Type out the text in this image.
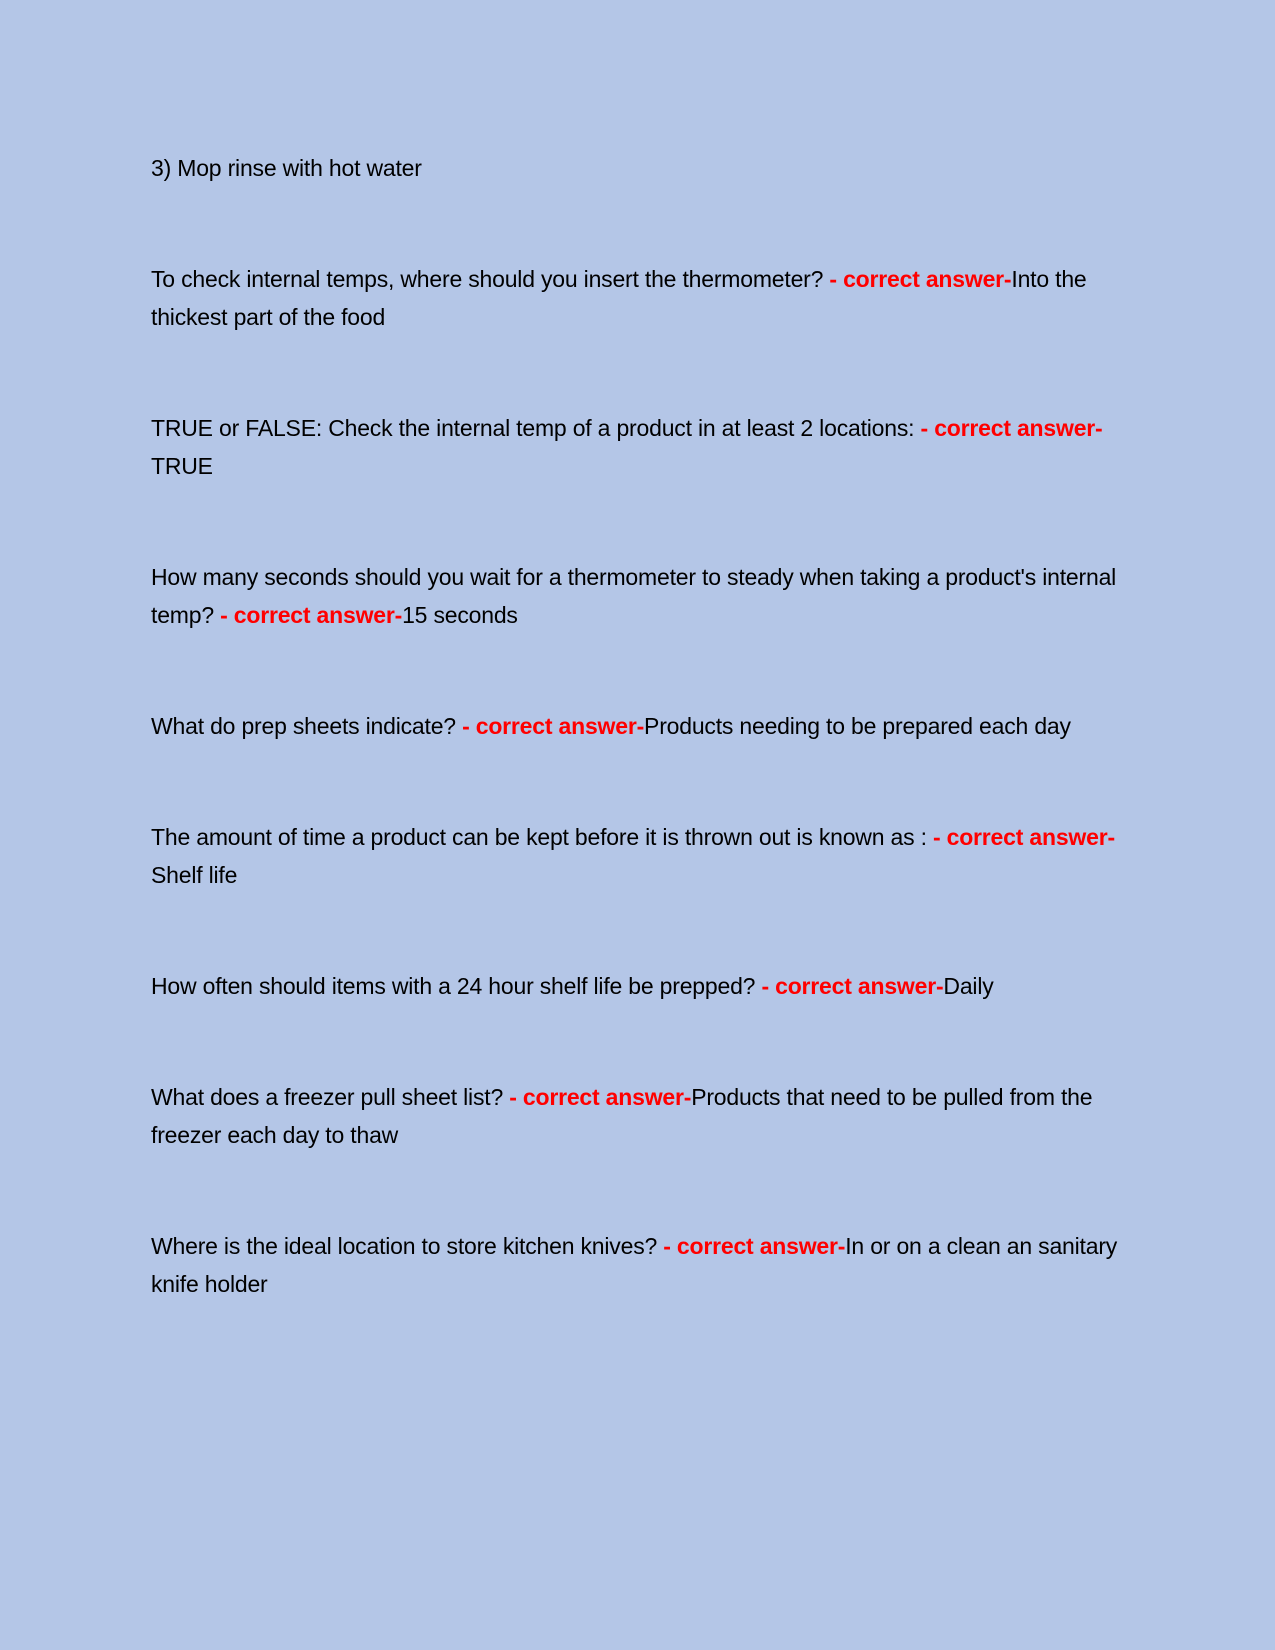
3) Mop rinse with hot water

To check internal temps, where should you insert the thermometer? - correct answer-Into the thickest part of the food

TRUE or FALSE: Check the internal temp of a product in at least 2 locations: - correct answer-TRUE

How many seconds should you wait for a thermometer to steady when taking a product's internal temp? - correct answer-15 seconds

What do prep sheets indicate? - correct answer-Products needing to be prepared each day

The amount of time a product can be kept before it is thrown out is known as : - correct answer-Shelf life

How often should items with a 24 hour shelf life be prepped? - correct answer-Daily

What does a freezer pull sheet list? - correct answer-Products that need to be pulled from the freezer each day to thaw

Where is the ideal location to store kitchen knives? - correct answer-In or on a clean an sanitary knife holder
